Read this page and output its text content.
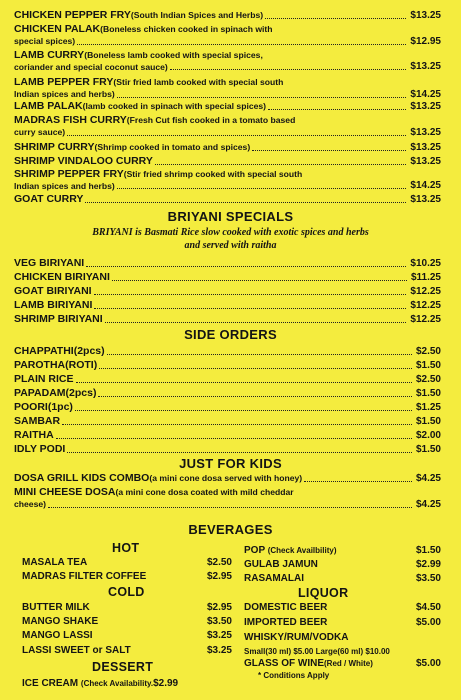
CHICKEN PEPPER FRY(South Indian Spices and Herbs)	$13.25
CHICKEN PALAK(Boneless chicken cooked in spinach with
special spices)	$12.95
LAMB CURRY(Boneless lamb cooked with special spices,
coriander and special coconut sauce)	$13.25
LAMB PEPPER FRY(Stir fried lamb cooked with special south
Indian spices and herbs)	$14.25
LAMB PALAK(lamb cooked in spinach with special spices)	$13.25
MADRAS FISH CURRY(Fresh Cut fish cooked in a tomato based
curry sauce)	$13.25
SHRIMP CURRY(Shrimp cooked in tomato and spices)	$13.25
SHRIMP VINDALOO CURRY	$13.25
SHRIMP PEPPER FRY(Stir fried shrimp cooked with special south
Indian spices and herbs)	$14.25
GOAT CURRY	$13.25
BRIYANI SPECIALS
BRIYANI is Basmati Rice slow cooked with exotic spices and herbs
and served with raitha
VEG BIRIYANI	$10.25
CHICKEN BIRIYANI	$11.25
GOAT BIRIYANI	$12.25
LAMB BIRIYANI	$12.25
SHRIMP BIRIYANI	$12.25
SIDE ORDERS
CHAPPATHI(2pcs)	$2.50
PAROTHA(ROTI)	$1.50
PLAIN RICE	$2.50
PAPADAM(2pcs)	$1.50
POORI(1pc)	$1.25
SAMBAR	$1.50
RAITHA	$2.00
IDLY PODI	$1.50
JUST FOR KIDS
DOSA GRILL KIDS COMBO(a mini cone dosa served with honey)	$4.25
MINI CHEESE DOSA(a mini cone dosa coated with mild cheddar
cheese)	$4.25
BEVERAGES
HOT
MASALA TEA	$2.50
MADRAS FILTER COFFEE	$2.95
COLD
BUTTER MILK	$2.95
MANGO SHAKE	$3.50
MANGO LASSI	$3.25
LASSI SWEET or SALT	$3.25
DESSERT
ICE CREAM (Check Availability.$2.99
POP (Check Availbility)	$1.50
GULAB JAMUN	$2.99
RASAMALAI	$3.50
LIQUOR
DOMESTIC BEER	$4.50
IMPORTED BEER	$5.00
WHISKY/RUM/VODKA
Small(30 ml) $5.00 Large(60 ml) $10.00
GLASS OF WINE(Red / White)	$5.00
* Conditions Apply
